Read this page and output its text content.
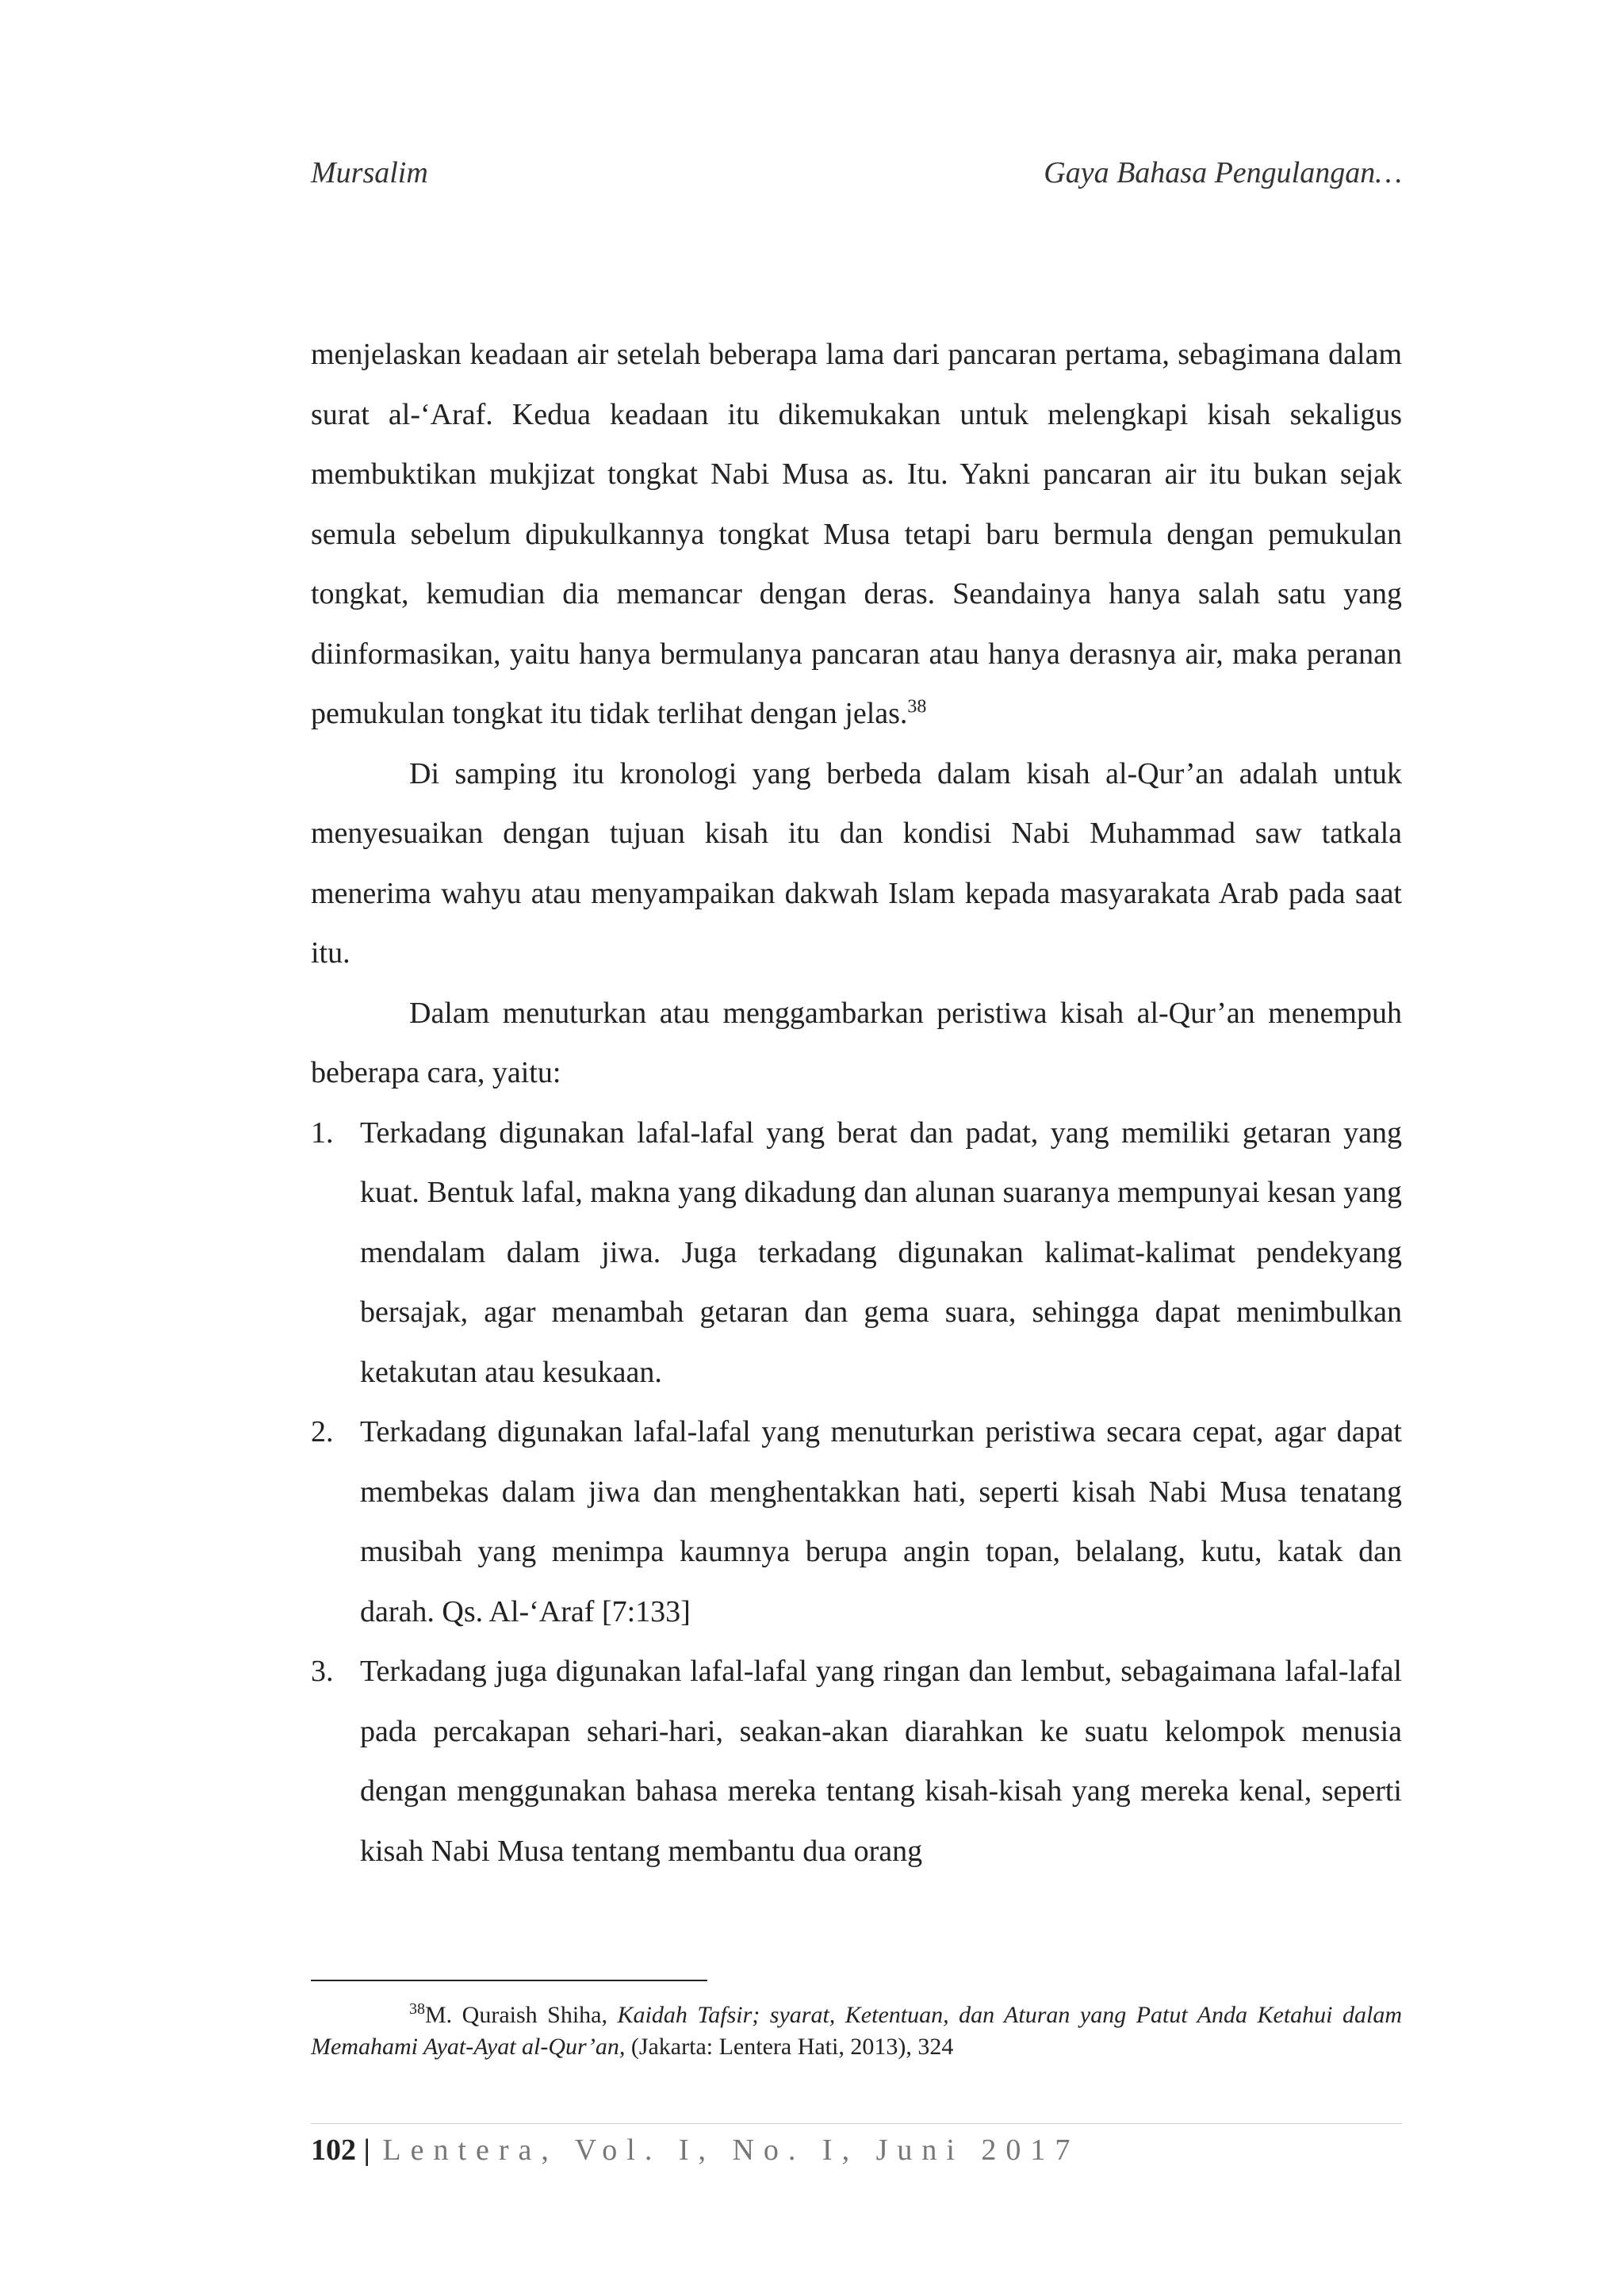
Mursalim	Gaya Bahasa Pengulangan…

menjelaskan keadaan air setelah beberapa lama dari pancaran pertama, sebagimana dalam surat al-‘Araf. Kedua keadaan itu dikemukakan untuk melengkapi kisah sekaligus membuktikan mukjizat tongkat Nabi Musa as. Itu. Yakni pancaran air itu bukan sejak semula sebelum dipukulkannya tongkat Musa tetapi baru bermula dengan pemukulan tongkat, kemudian dia memancar dengan deras. Seandainya hanya salah satu yang diinformasikan, yaitu hanya bermulanya pancaran atau hanya derasnya air, maka peranan pemukulan tongkat itu tidak terlihat dengan jelas.$^{38}$

Di samping itu kronologi yang berbeda dalam kisah al-Qur’an adalah untuk menyesuaikan dengan tujuan kisah itu dan kondisi Nabi Muhammad saw tatkala menerima wahyu atau menyampaikan dakwah Islam kepada masyarakata Arab pada saat itu.

Dalam menuturkan atau menggambarkan peristiwa kisah al-Qur’an menempuh beberapa cara, yaitu:

1. Terkadang digunakan lafal-lafal yang berat dan padat, yang memiliki getaran yang kuat. Bentuk lafal, makna yang dikadung dan alunan suaranya mempunyai kesan yang mendalam dalam jiwa. Juga terkadang digunakan kalimat-kalimat pendekyang bersajak, agar menambah getaran dan gema suara, sehingga dapat menimbulkan ketakutan atau kesukaan.
2. Terkadang digunakan lafal-lafal yang menuturkan peristiwa secara cepat, agar dapat membekas dalam jiwa dan menghentakkan hati, seperti kisah Nabi Musa tenatang musibah yang menimpa kaumnya berupa angin topan, belalang, kutu, katak dan darah. Qs. Al-‘Araf [7:133]
3. Terkadang juga digunakan lafal-lafal yang ringan dan lembut, sebagaimana lafal-lafal pada percakapan sehari-hari, seakan-akan diarahkan ke suatu kelompok menusia dengan menggunakan bahasa mereka tentang kisah-kisah yang mereka kenal, seperti kisah Nabi Musa tentang membantu dua orang
$^{38}$M. Quraish Shiha, Kaidah Tafsir; syarat, Ketentuan, dan Aturan yang Patut Anda Ketahui dalam Memahami Ayat-Ayat al-Qur’an, (Jakarta: Lentera Hati, 2013), 324
102 | Lentera, Vol. I, No. I, Juni 2017
